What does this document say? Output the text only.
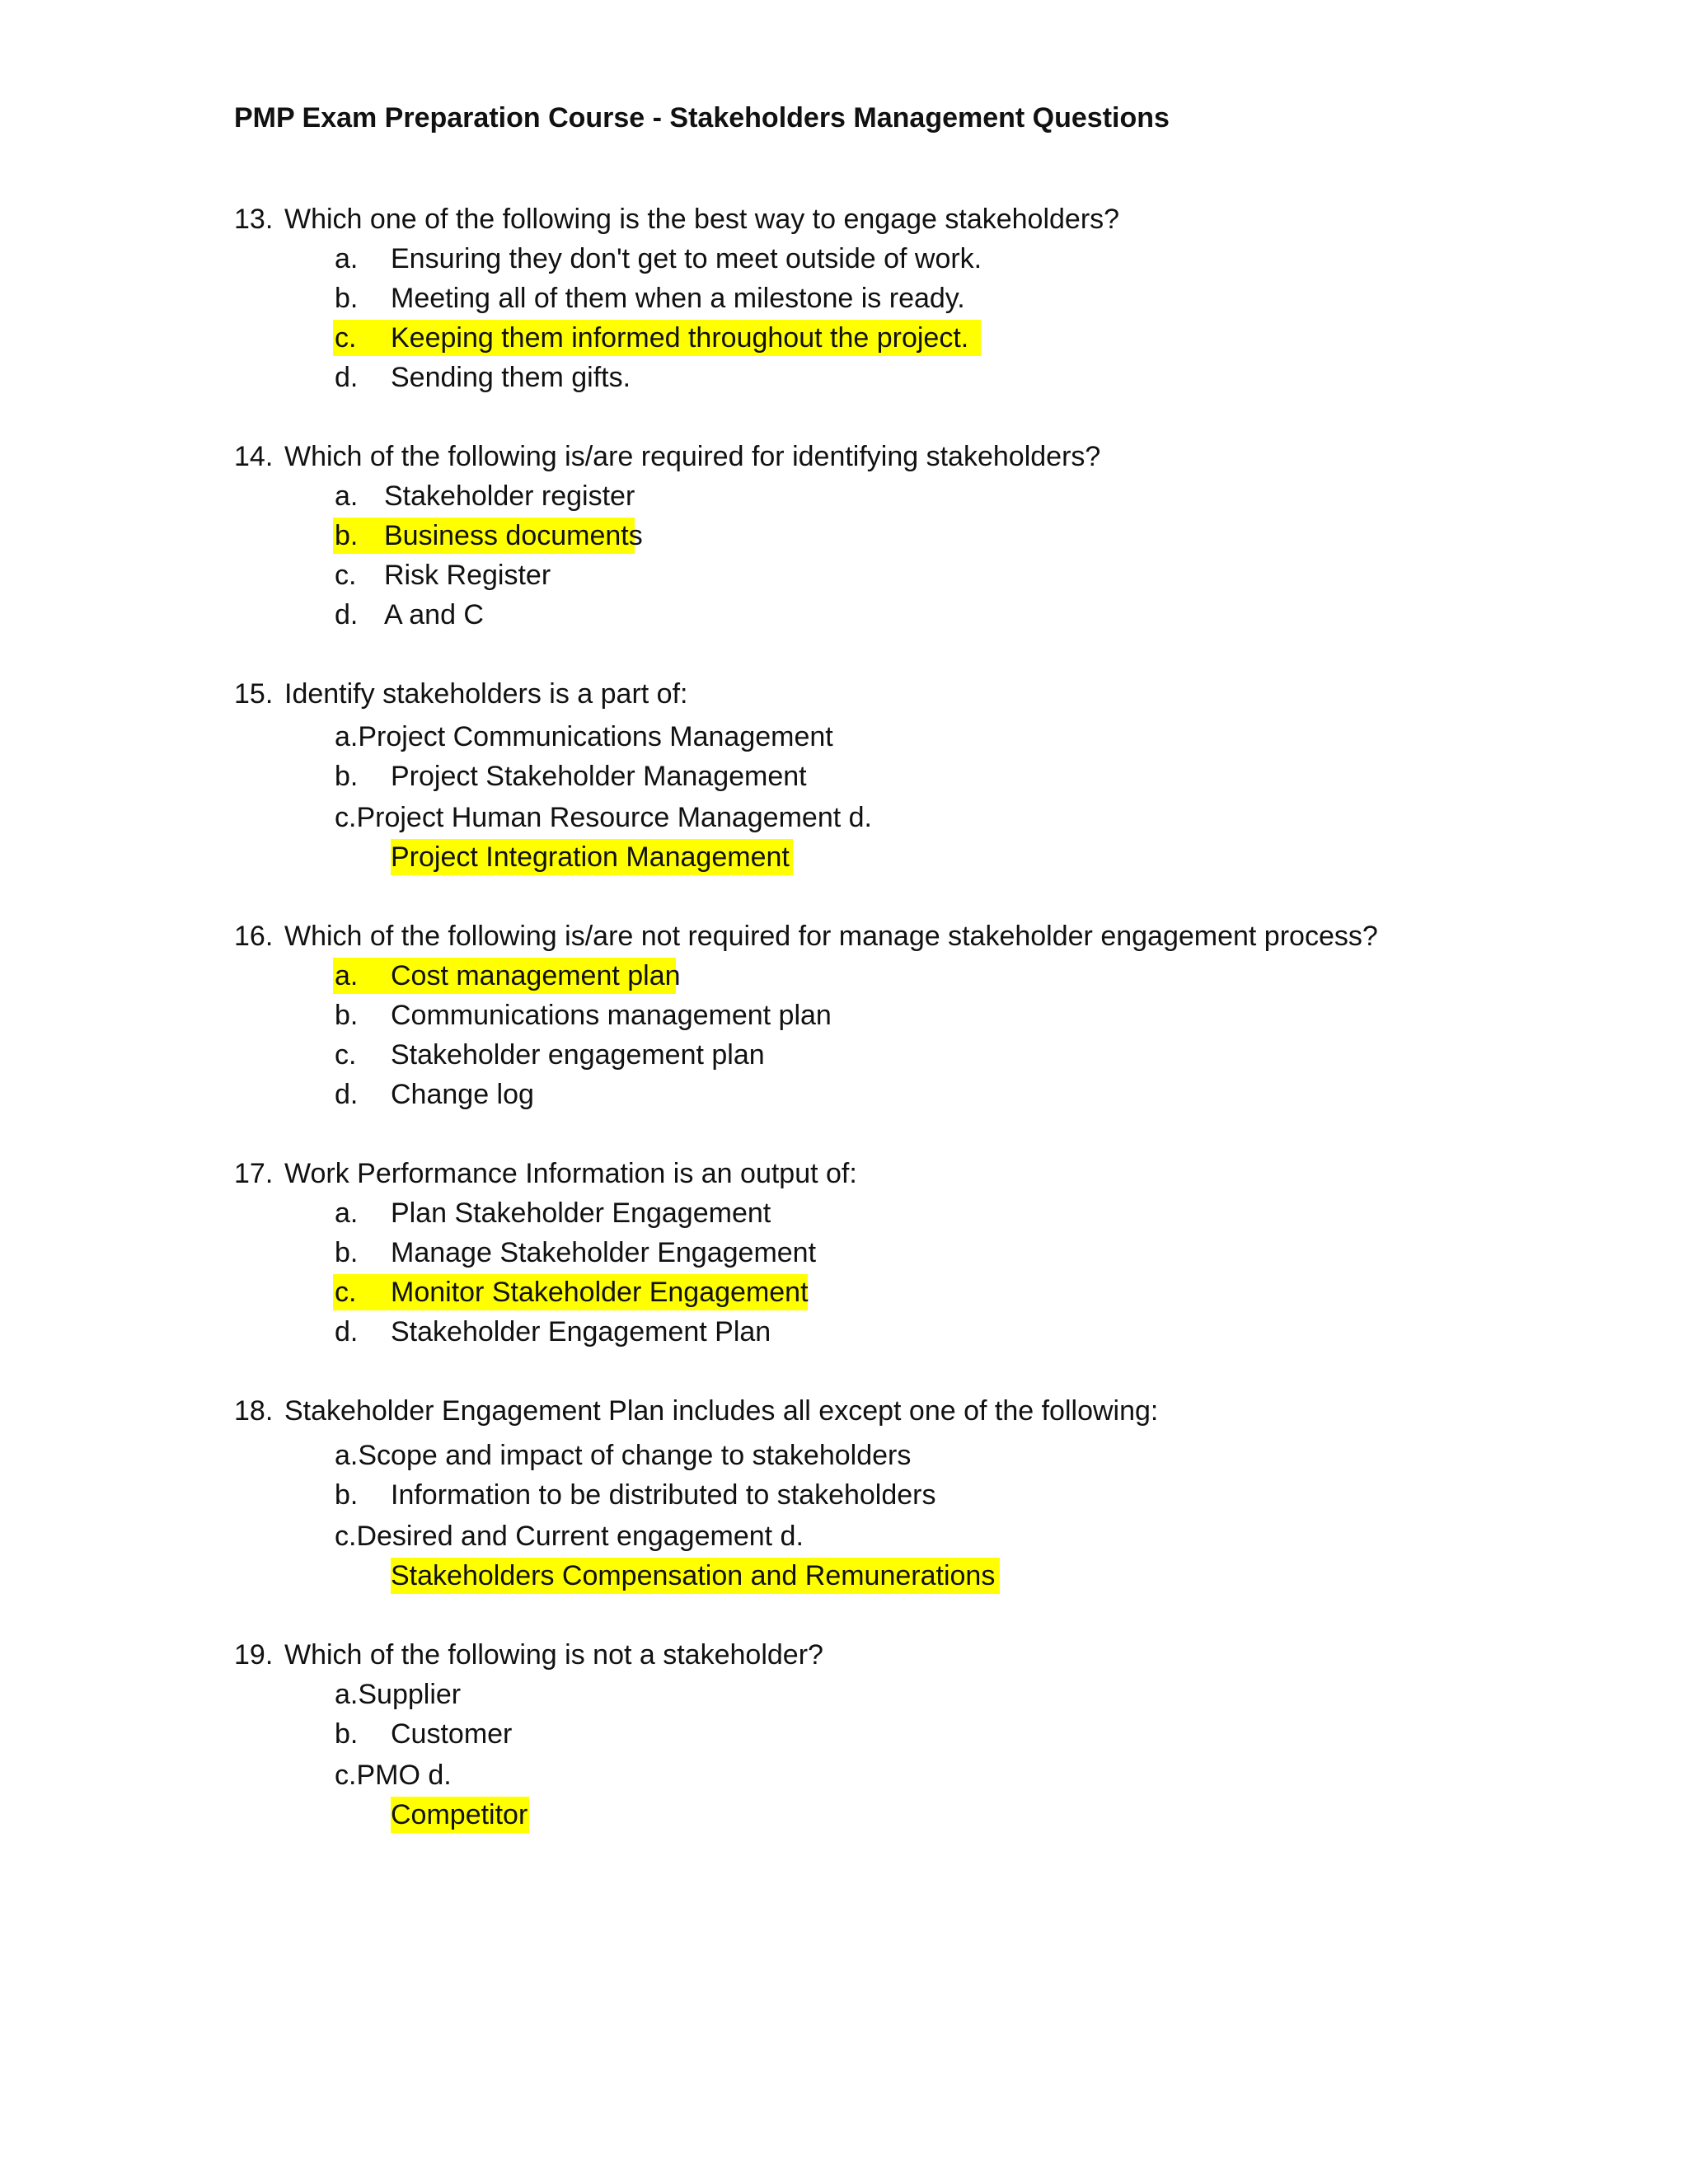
PMP Exam Preparation Course - Stakeholders Management Questions
13. Which one of the following is the best way to engage stakeholders?
a. Ensuring they don't get to meet outside of work.
b. Meeting all of them when a milestone is ready.
c. Keeping them informed throughout the project.
d. Sending them gifts.
14. Which of the following is/are required for identifying stakeholders?
a. Stakeholder register
b. Business documents
c. Risk Register
d. A and C
15. Identify stakeholders is a part of:
a.Project Communications Management
b. Project Stakeholder Management
c.Project Human Resource Management d.
Project Integration Management
16. Which of the following is/are not required for manage stakeholder engagement process?
a. Cost management plan
b. Communications management plan
c. Stakeholder engagement plan
d. Change log
17. Work Performance Information is an output of:
a. Plan Stakeholder Engagement
b. Manage Stakeholder Engagement
c. Monitor Stakeholder Engagement
d. Stakeholder Engagement Plan
18. Stakeholder Engagement Plan includes all except one of the following:
a.Scope and impact of change to stakeholders
b. Information to be distributed to stakeholders
c.Desired and Current engagement d.
Stakeholders Compensation and Remunerations
19. Which of the following is not a stakeholder?
a.Supplier
b. Customer
c.PMO d.
Competitor
